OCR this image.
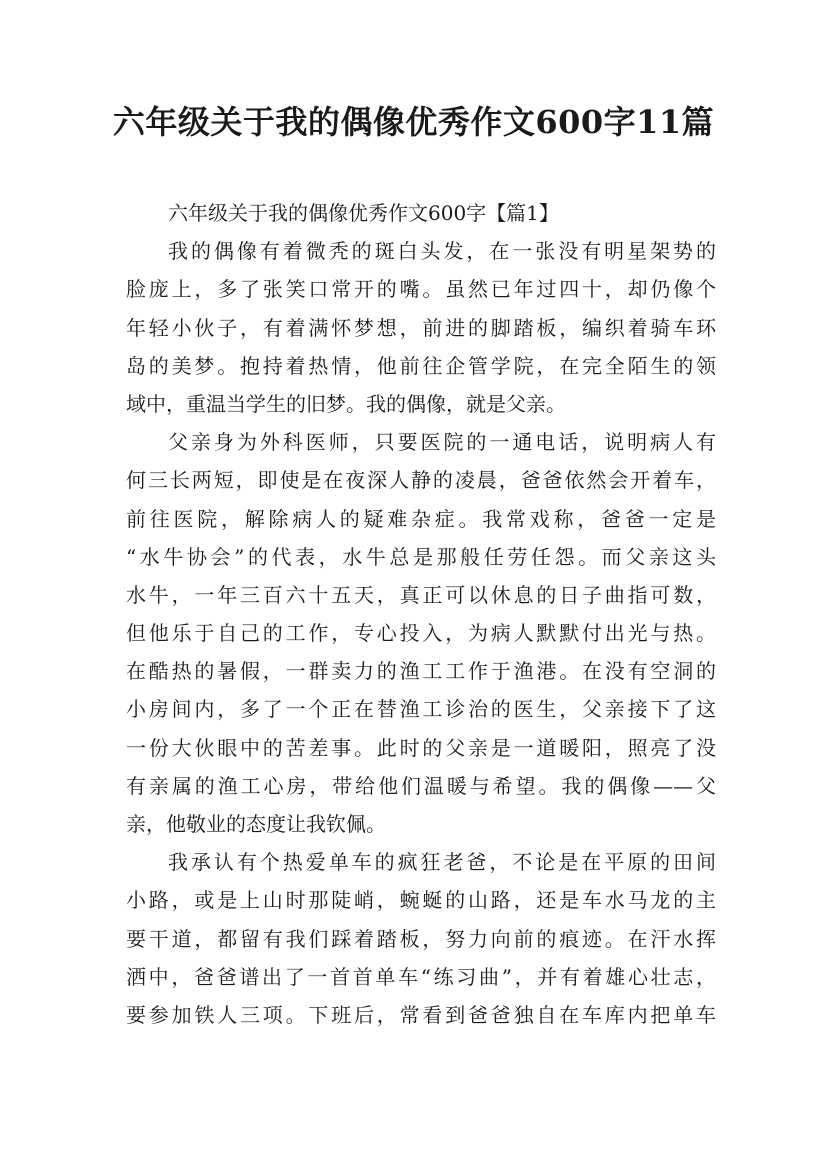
六年级关于我的偶像优秀作文600字11篇
六年级关于我的偶像优秀作文600字【篇1】
我的偶像有着微秃的斑白头发，在一张没有明星架势的
脸庞上，多了张笑口常开的嘴。虽然已年过四十，却仍像个
年轻小伙子，有着满怀梦想，前进的脚踏板，编织着骑车环
岛的美梦。抱持着热情，他前往企管学院，在完全陌生的领
域中，重温当学生的旧梦。我的偶像，就是父亲。
父亲身为外科医师，只要医院的一通电话，说明病人有
何三长两短，即使是在夜深人静的凌晨，爸爸依然会开着车，
前往医院，解除病人的疑难杂症。我常戏称，爸爸一定是
“水牛协会”的代表，水牛总是那般任劳任怨。而父亲这头
水牛，一年三百六十五天，真正可以休息的日子曲指可数，
但他乐于自己的工作，专心投入，为病人默默付出光与热。
在酷热的暑假，一群卖力的渔工工作于渔港。在没有空洞的
小房间内，多了一个正在替渔工诊治的医生，父亲接下了这
一份大伙眼中的苦差事。此时的父亲是一道暖阳，照亮了没
有亲属的渔工心房，带给他们温暖与希望。我的偶像——父
亲，他敬业的态度让我钦佩。
我承认有个热爱单车的疯狂老爸，不论是在平原的田间
小路，或是上山时那陡峭，蜿蜒的山路，还是车水马龙的主
要干道，都留有我们踩着踏板，努力向前的痕迹。在汗水挥
洒中，爸爸谱出了一首首单车“练习曲”，并有着雄心壮志，
要参加铁人三项。下班后，常看到爸爸独自在车库内把单车
